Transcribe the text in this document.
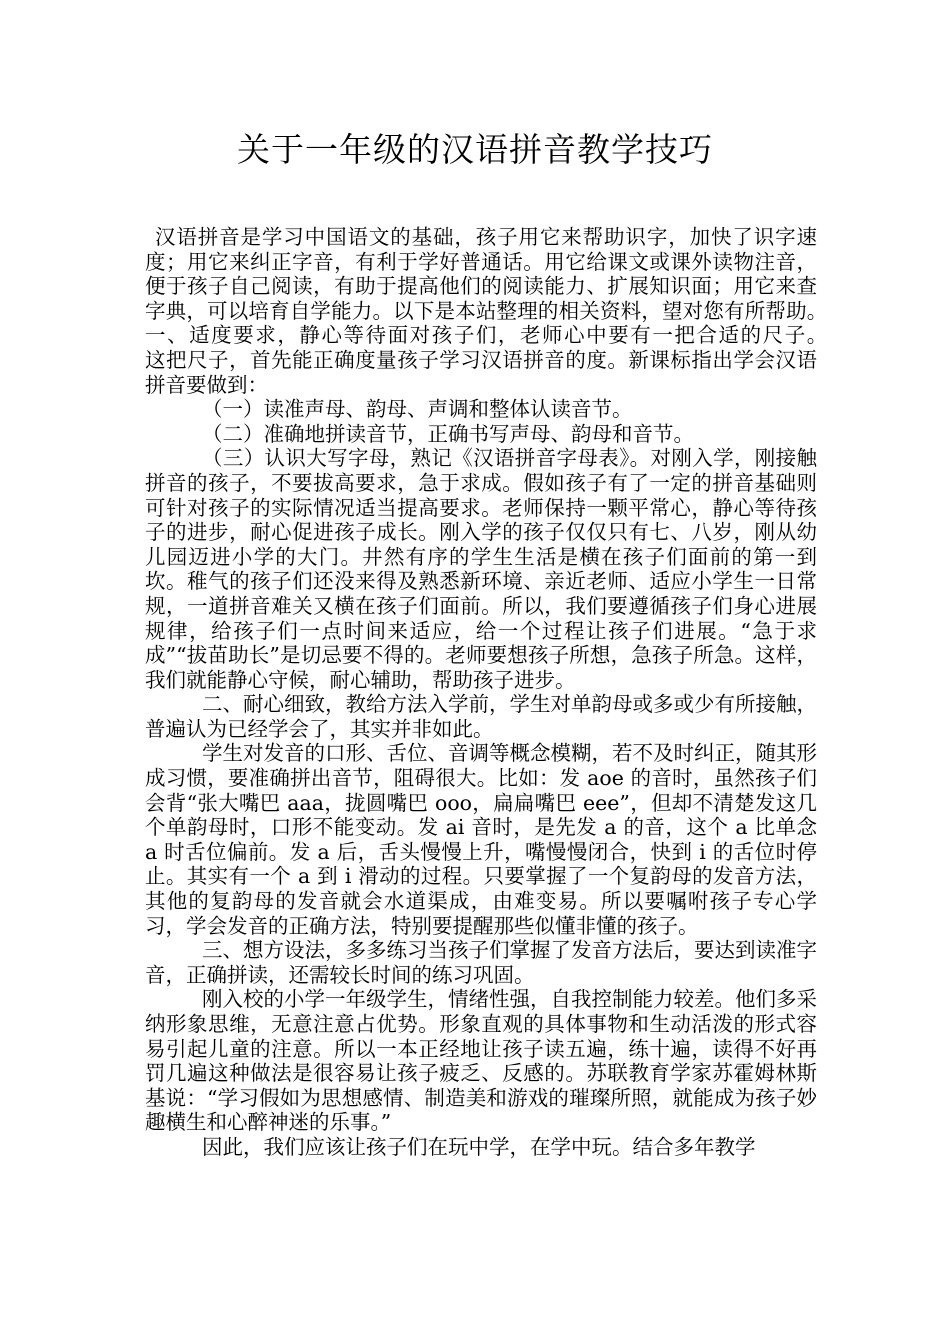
关于一年级的汉语拼音教学技巧

汉语拼音是学习中国语文的基础，孩子用它来帮助识字，加快了识字速度；用它来纠正字音，有利于学好普通话。用它给课文或课外读物注音，便于孩子自己阅读，有助于提高他们的阅读能力、扩展知识面；用它来查字典，可以培育自学能力。以下是本站整理的相关资料，望对您有所帮助。　　　一、适度要求，静心等待面对孩子们，老师心中要有一把合适的尺子。　　　这把尺子，首先能正确度量孩子学习汉语拼音的度。新课标指出学会汉语拼音要做到：

（一）读准声母、韵母、声调和整体认读音节。

（二）准确地拼读音节，正确书写声母、韵母和音节。

（三）认识大写字母，熟记《汉语拼音字母表》。对刚入学，刚接触拼音的孩子，不要拔高要求，急于求成。假如孩子有了一定的拼音基础则可针对孩子的实际情况适当提高要求。老师保持一颗平常心，静心等待孩子的进步，耐心促进孩子成长。刚入学的孩子仅仅只有七、八岁，刚从幼儿园迈进小学的大门。井然有序的学生生活是横在孩子们面前的第一到坎。稚气的孩子们还没来得及熟悉新环境、亲近老师、适应小学生一日常规，一道拼音难关又横在孩子们面前。所以，我们要遵循孩子们身心进展规律，给孩子们一点时间来适应，给一个过程让孩子们进展。“急于求成”“拔苗助长”是切忌要不得的。老师要想孩子所想，急孩子所急。这样，我们就能静心守候，耐心辅助，帮助孩子进步。

二、耐心细致，教给方法入学前，学生对单韵母或多或少有所接触，普遍认为已经学会了，其实并非如此。

学生对发音的口形、舌位、音调等概念模糊，若不及时纠正，随其形成习惯，要准确拼出音节，阻碍很大。比如：发 aoe 的音时，虽然孩子们会背“张大嘴巴 aaa，拢圆嘴巴 ooo，扁扁嘴巴 eee”，但却不清楚发这几个单韵母时，口形不能变动。发 ai 音时，是先发 a 的音，这个 a 比单念 a 时舌位偏前。发 a 后，舌头慢慢上升，嘴慢慢闭合，快到 i 的舌位时停止。其实有一个 a 到 i 滑动的过程。只要掌握了一个复韵母的发音方法，其他的复韵母的发音就会水道渠成，由难变易。所以要嘱咐孩子专心学习，学会发音的正确方法，特别要提醒那些似懂非懂的孩子。

三、想方设法，多多练习当孩子们掌握了发音方法后，要达到读准字音，正确拼读，还需较长时间的练习巩固。

刚入校的小学一年级学生，情绪性强，自我控制能力较差。他们多采纳形象思维，无意注意占优势。形象直观的具体事物和生动活泼的形式容易引起儿童的注意。所以一本正经地让孩子读五遍，练十遍，读得不好再罚几遍这种做法是很容易让孩子疲乏、反感的。苏联教育学家苏霍姆林斯基说：“学习假如为思想感情、制造美和游戏的璀璨所照，就能成为孩子妙趣横生和心醉神迷的乐事。”

因此，我们应该让孩子们在玩中学，在学中玩。结合多年教学
